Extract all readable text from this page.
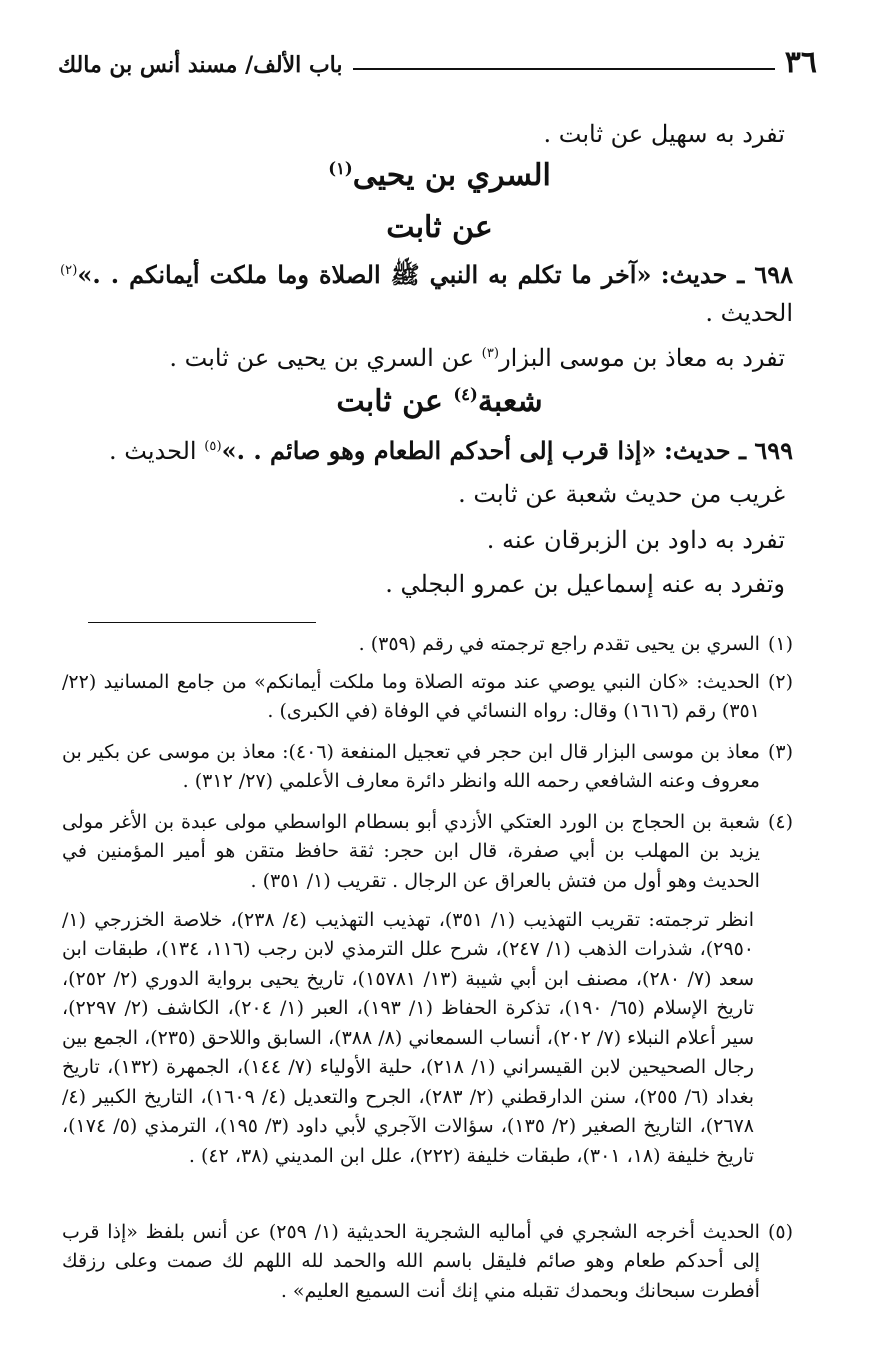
٣٦
باب الألف/ مسند أنس بن مالك
تفرد به سهيل عن ثابت .
السري بن يحيى$^{(١)}$
عن ثابت
٦٩٨ ـ حديث: «آخر ما تكلم به النبي ﷺ الصلاة وما ملكت أيمانكم . .»$^{(٢)}$ الحديث .
تفرد به معاذ بن موسى البزار$^{(٣)}$ عن السري بن يحيى عن ثابت .
شعبة$^{(٤)}$ عن ثابت
٦٩٩ ـ حديث: «إذا قرب إلى أحدكم الطعام وهو صائم . .»$^{(٥)}$ الحديث .
غريب من حديث شعبة عن ثابت .
تفرد به داود بن الزبرقان عنه .
وتفرد به عنه إسماعيل بن عمرو البجلي .
(١)
السري بن يحيى تقدم راجع ترجمته في رقم (٣٥٩) .
(٢)
الحديث: «كان النبي يوصي عند موته الصلاة وما ملكت أيمانكم» من جامع المسانيد (٢٢/ ٣٥١) رقم (١٦١٦) وقال: رواه النسائي في الوفاة (في الكبرى) .
(٣)
معاذ بن موسى البزار قال ابن حجر في تعجيل المنفعة (٤٠٦): معاذ بن موسى عن بكير بن معروف وعنه الشافعي رحمه الله وانظر دائرة معارف الأعلمي (٢٧/ ٣١٢) .
(٤)
شعبة بن الحجاج بن الورد العتكي الأزدي أبو بسطام الواسطي مولى عبدة بن الأغر مولى يزيد بن المهلب بن أبي صفرة، قال ابن حجر: ثقة حافظ متقن هو أمير المؤمنين في الحديث وهو أول من فتش بالعراق عن الرجال . تقريب (١/ ٣٥١) .
انظر ترجمته: تقريب التهذيب (١/ ٣٥١)، تهذيب التهذيب (٤/ ٢٣٨)، خلاصة الخزرجي (١/ ٢٩٥٠)، شذرات الذهب (١/ ٢٤٧)، شرح علل الترمذي لابن رجب (١١٦، ١٣٤)، طبقات ابن سعد (٧/ ٢٨٠)، مصنف ابن أبي شيبة (١٣/ ١٥٧٨١)، تاريخ يحيى برواية الدوري (٢/ ٢٥٢)، تاريخ الإسلام (٦٥/ ١٩٠)، تذكرة الحفاظ (١/ ١٩٣)، العبر (١/ ٢٠٤)، الكاشف (٢/ ٢٢٩٧)، سير أعلام النبلاء (٧/ ٢٠٢)، أنساب السمعاني (٨/ ٣٨٨)، السابق واللاحق (٢٣٥)، الجمع بين رجال الصحيحين لابن القيسراني (١/ ٢١٨)، حلية الأولياء (٧/ ١٤٤)، الجمهرة (١٣٢)، تاريخ بغداد (٦/ ٢٥٥)، سنن الدارقطني (٢/ ٢٨٣)، الجرح والتعديل (٤/ ١٦٠٩)، التاريخ الكبير (٤/ ٢٦٧٨)، التاريخ الصغير (٢/ ١٣٥)، سؤالات الآجري لأبي داود (٣/ ١٩٥)، الترمذي (٥/ ١٧٤)، تاريخ خليفة (١٨، ٣٠١)، طبقات خليفة (٢٢٢)، علل ابن المديني (٣٨، ٤٢) .
(٥)
الحديث أخرجه الشجري في أماليه الشجرية الحديثية (١/ ٢٥٩) عن أنس بلفظ «إذا قرب إلى أحدكم طعام وهو صائم فليقل باسم الله والحمد لله اللهم لك صمت وعلى رزقك أفطرت سبحانك وبحمدك تقبله مني إنك أنت السميع العليم» .
